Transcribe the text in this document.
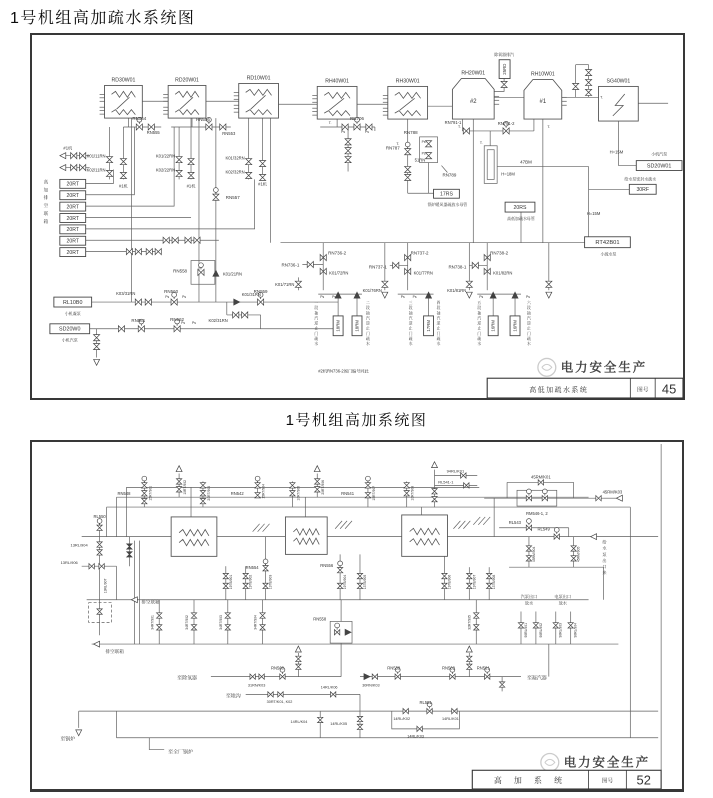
1号机组高加疏水系统图
RD30W01	RD20W01	RD10W01	RH40W01	RH30W01
#2
RH20W01
#1
RH10W01
SG40W01
25RD
20RT
20RT
20RT
20RT
20RT
20RT
20RT
RL10B0
SD20W0
17RS
20RS
SD20W01
30RF
RT42B01
18RM	18RM	17RM	16RM	16RM
RN554
RN555
RN556
RN553
K01/11RN
K02/11RN
K01/22RN
K02/22RN
K01/32RN
K02/32RN
#1机
#1机	#1机	#1机
RN557
RN558
K01/21RN
K03/31RN	RN560
K01/31RN
RN559
K02/31RN
RN561	RN562
RN706
RN787
51RN
RN788
RN789
RN791-1	RN791-2
47BM
H=18M
H=15M
H=15M
RN736-2
RN736-1
K01/72RN
K01/71RN
K01/76RN
RN737-2
RN737-1
K01/77RN
K01/81RN
RN738-2
RN738-1
K01/82RN
Ps	Ps
Ps Ps
Ps	Ps
Ps
Ps
Ps Ps	Ps Ps	Ps Ps	Ps
T.
T.
T.
T.
T.
T.
#2机RN736-2阀门编号同此
除氧器排汽
小机汽泵
给水泵密封水疏水
小疏水泵
锅炉暖风器疏放水母管
高低加疏水母管
小机凝泵
小机汽泵
高加排空联箱
一段抽汽逆止门疏水
二段抽汽逆止门疏水
三段抽汽逆止门疏水
四段抽汽逆止门疏水
五段抽汽逆止门疏水
六段抽汽逆止门疏水
电力安全生产
高低加疏水系统	图号 45
1号机组高加系统图
RN548	RN542	RN541
94RL/K01
RL541-1
RL550
13RL/904
13RL/906
45RM/K01
45RM/K03
RM546-1, 2
RL543
RL549
汽泵出口
放水
电泵出口
放水
排空联箱
排空联箱
RN554	RN556
RN558
至除氧器
31RN/K03
RN560
30RN/K03
RN559	RN562	RN561
至凝汽器
至地沟
30RT/K01, K02
14RL/K06
RL551
14RL/K02	14RL/K01
14RL/K03
14RL/K04	14RL/K05
至锅炉
至全厂锅炉
15RT/901	10RT/902	20RT/903	15RT/904	10RT/905	20RT/906	15RT/907	10RT/908
19TB/901	19TB/902	13TB/903	19TB/904	13TB/905	19TB/906	19TB/907	13TB/908
34RT/901	34RT/902	34RT/903	34RT/904	32RT/905
90RL/901	90RL/902	90RL/903	90RL/904
13RL/907
45RM/904	45RM/905
给水泵出口来
电力安全生产
高 加 系 统	图号 52
